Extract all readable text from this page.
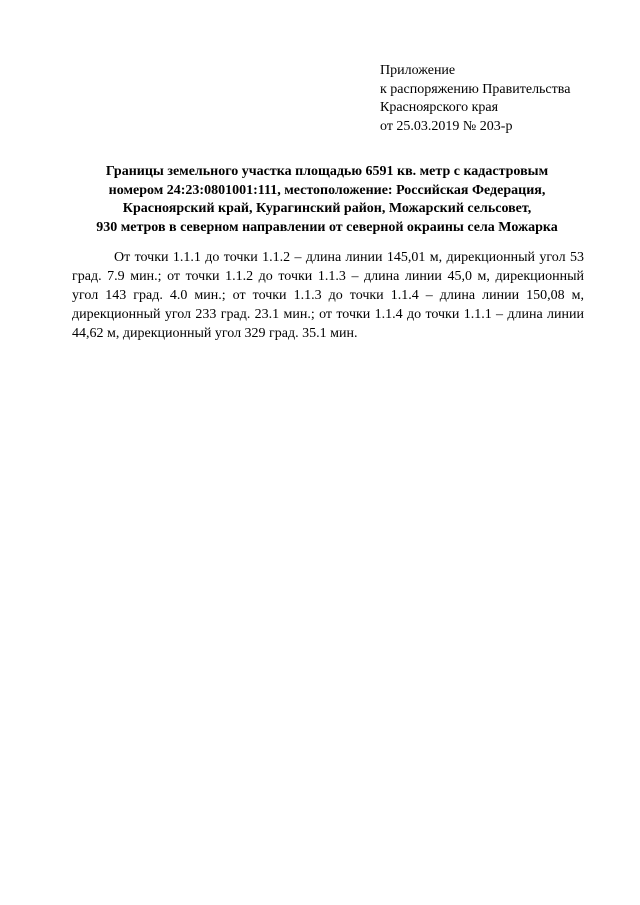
Приложение
к распоряжению Правительства
Красноярского края
от 25.03.2019 № 203-р
Границы земельного участка площадью 6591 кв. метр с кадастровым
номером 24:23:0801001:111, местоположение: Российская Федерация,
Красноярский край, Курагинский район, Можарский сельсовет,
930 метров в северном направлении от северной окраины села Можарка

От точки 1.1.1 до точки 1.1.2 – длина линии 145,01 м, дирекционный угол 53 град. 7.9 мин.; от точки 1.1.2 до точки 1.1.3 – длина линии 45,0 м, дирекционный угол 143 град. 4.0 мин.; от точки 1.1.3 до точки 1.1.4 – длина линии 150,08 м, дирекционный угол 233 град. 23.1 мин.; от точки 1.1.4 до точки 1.1.1 – длина линии 44,62 м, дирекционный угол 329 град. 35.1 мин.
